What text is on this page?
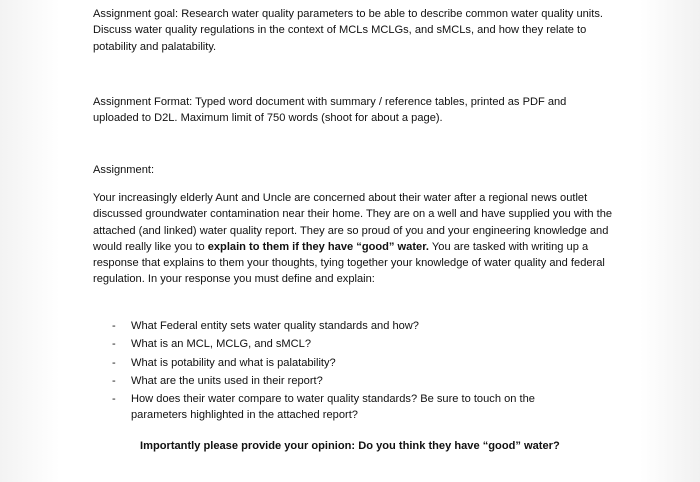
Assignment goal: Research water quality parameters to be able to describe common water quality units. Discuss water quality regulations in the context of MCLs MCLGs, and sMCLs, and how they relate to potability and palatability.

Assignment Format: Typed word document with summary / reference tables, printed as PDF and uploaded to D2L. Maximum limit of 750 words (shoot for about a page).

Assignment:

Your increasingly elderly Aunt and Uncle are concerned about their water after a regional news outlet discussed groundwater contamination near their home. They are on a well and have supplied you with the attached (and linked) water quality report. They are so proud of you and your engineering knowledge and would really like you to explain to them if they have “good” water. You are tasked with writing up a response that explains to them your thoughts, tying together your knowledge of water quality and federal regulation. In your response you must define and explain:

- What Federal entity sets water quality standards and how?
- What is an MCL, MCLG, and sMCL?
- What is potability and what is palatability?
- What are the units used in their report?
- How does their water compare to water quality standards? Be sure to touch on the parameters highlighted in the attached report?

Importantly please provide your opinion: Do you think they have “good” water?
